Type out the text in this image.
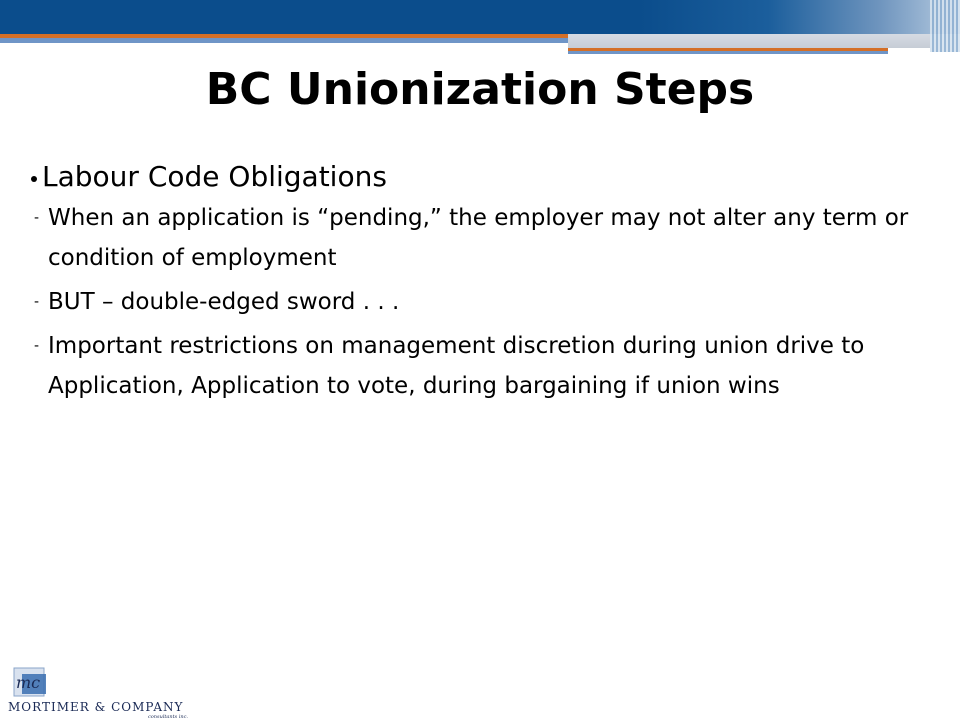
BC Unionization Steps
Labour Code Obligations
- When an application is “pending,” the employer may not alter any term or condition of employment
- BUT – double-edged sword . . .
- Important restrictions on management discretion during union drive to Application, Application to vote, during bargaining if union wins
mc
MORTIMER & COMPANY
consultants inc.
